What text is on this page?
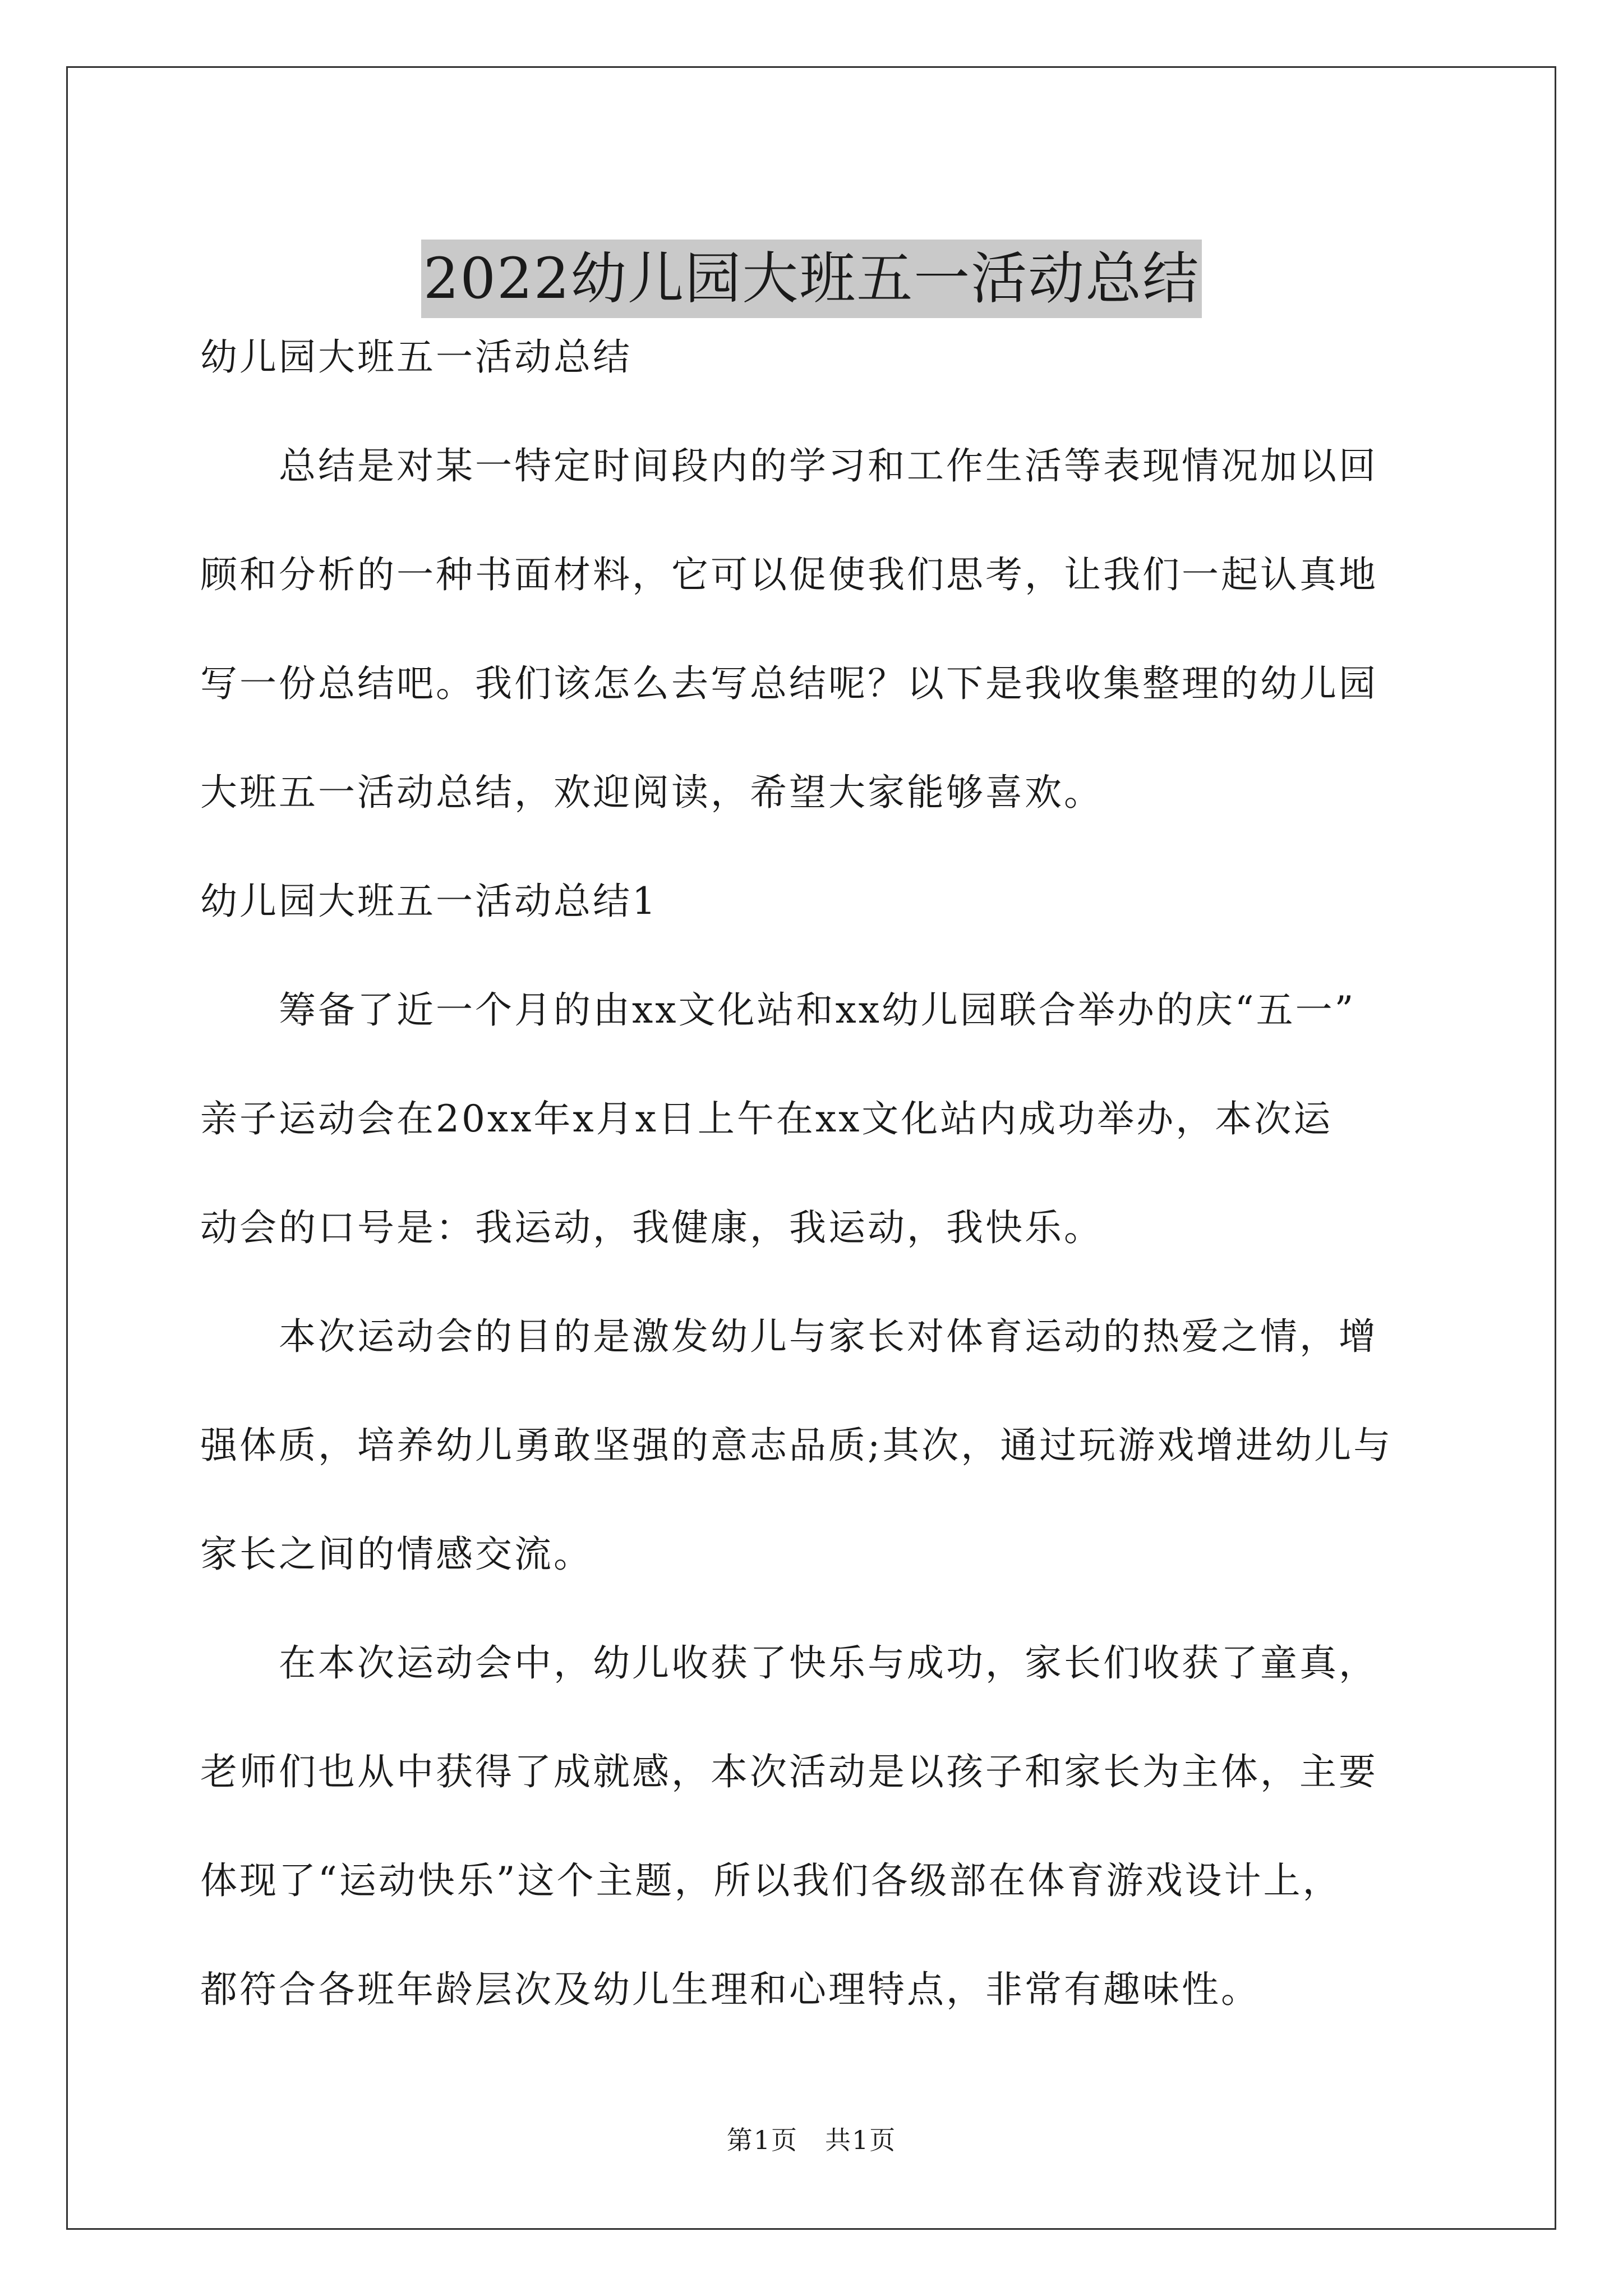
2022幼儿园大班五一活动总结

幼儿园大班五一活动总结

总结是对某一特定时间段内的学习和工作生活等表现情况加以回

顾和分析的一种书面材料，它可以促使我们思考，让我们一起认真地

写一份总结吧。我们该怎么去写总结呢？以下是我收集整理的幼儿园

大班五一活动总结，欢迎阅读，希望大家能够喜欢。

幼儿园大班五一活动总结1

筹备了近一个月的由xx文化站和xx幼儿园联合举办的庆“五一”

亲子运动会在20xx年x月x日上午在xx文化站内成功举办，本次运

动会的口号是：我运动，我健康，我运动，我快乐。

本次运动会的目的是激发幼儿与家长对体育运动的热爱之情，增

强体质，培养幼儿勇敢坚强的意志品质;其次，通过玩游戏增进幼儿与

家长之间的情感交流。

在本次运动会中，幼儿收获了快乐与成功，家长们收获了童真，

老师们也从中获得了成就感，本次活动是以孩子和家长为主体，主要

体现了“运动快乐”这个主题，所以我们各级部在体育游戏设计上，

都符合各班年龄层次及幼儿生理和心理特点，非常有趣味性。

第1页　共1页
